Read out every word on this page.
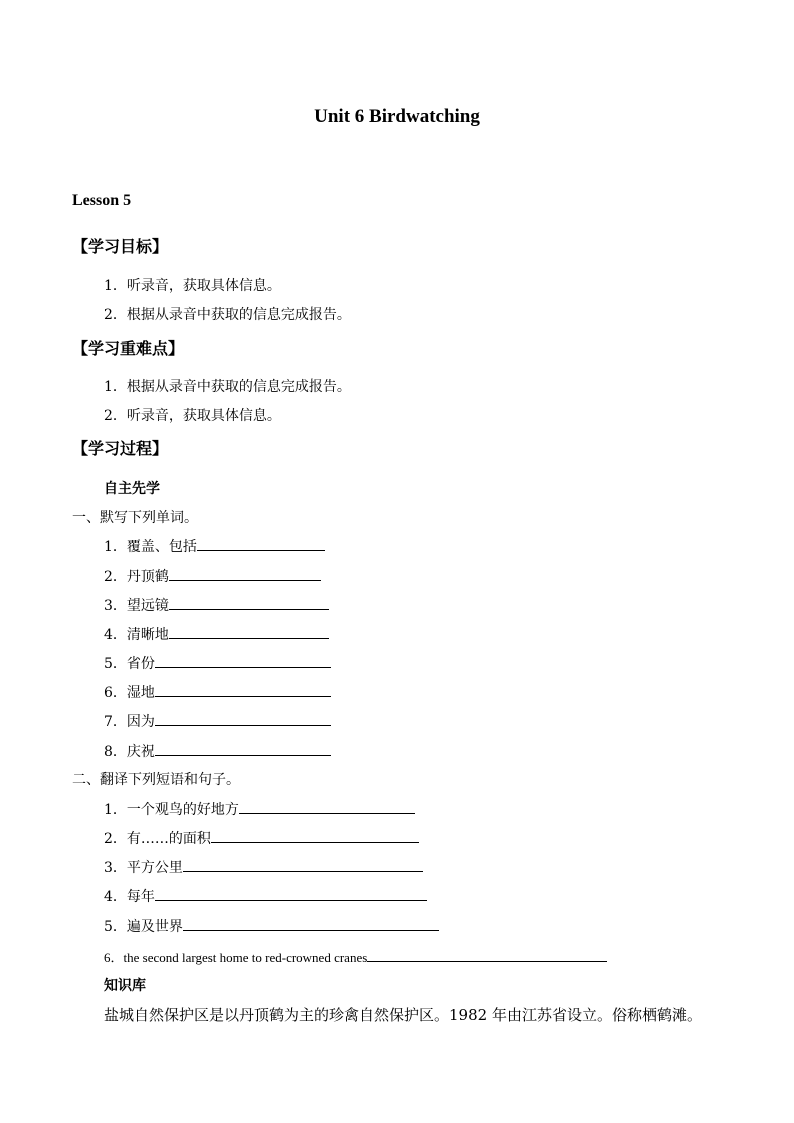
Unit 6 Birdwatching
Lesson 5
【学习目标】
1．听录音，获取具体信息。
2．根据从录音中获取的信息完成报告。
【学习重难点】
1．根据从录音中获取的信息完成报告。
2．听录音，获取具体信息。
【学习过程】
自主先学
一、默写下列单词。
1．覆盖、包括
2．丹顶鹤
3．望远镜
4．清晰地
5．省份
6．湿地
7．因为
8．庆祝
二、翻译下列短语和句子。
1．一个观鸟的好地方
2．有……的面积
3．平方公里
4．每年
5．遍及世界
6．the second largest home to red-crowned cranes
知识库
盐城自然保护区是以丹顶鹤为主的珍禽自然保护区。1982 年由江苏省设立。俗称栖鹤滩。
